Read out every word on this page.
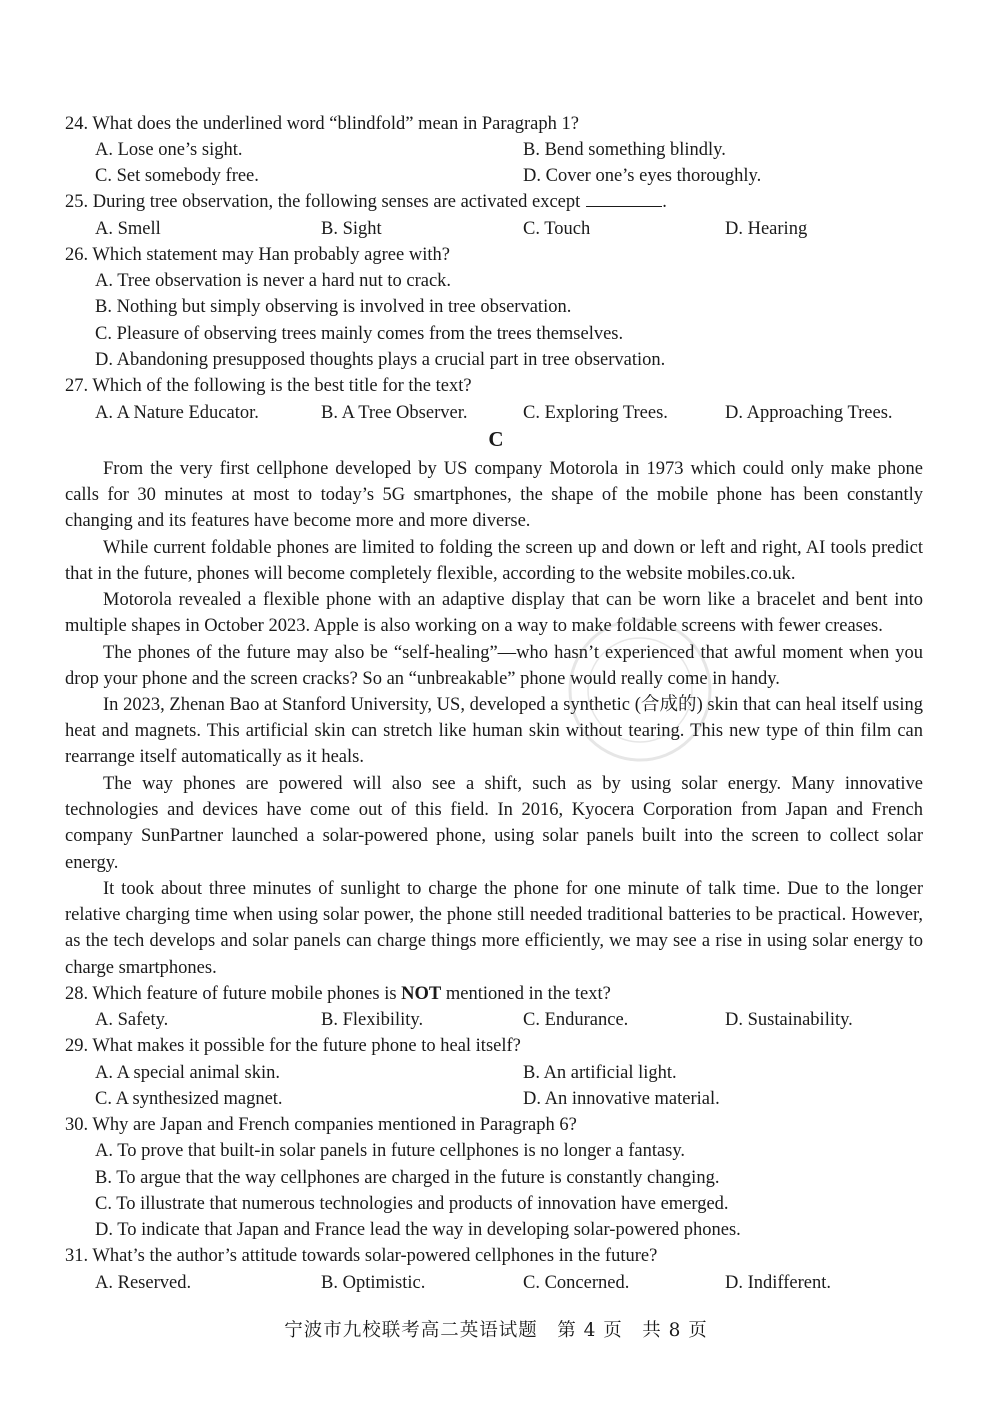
24. What does the underlined word “blindfold” mean in Paragraph 1?
A. Lose one’s sight.	B. Bend something blindly.
C. Set somebody free.	D. Cover one’s eyes thoroughly.
25. During tree observation, the following senses are activated except	.
A. Smell	B. Sight	C. Touch	D. Hearing
26. Which statement may Han probably agree with?
A. Tree observation is never a hard nut to crack.
B. Nothing but simply observing is involved in tree observation.
C. Pleasure of observing trees mainly comes from the trees themselves.
D. Abandoning presupposed thoughts plays a crucial part in tree observation.
27. Which of the following is the best title for the text?
A. A Nature Educator.	B. A Tree Observer.	C. Exploring Trees.	D. Approaching Trees.
C

From the very first cellphone developed by US company Motorola in 1973 which could only make phone calls for 30 minutes at most to today’s 5G smartphones, the shape of the mobile phone has been constantly changing and its features have become more and more diverse.

While current foldable phones are limited to folding the screen up and down or left and right, AI tools predict that in the future, phones will become completely flexible, according to the website mobiles.co.uk.

Motorola revealed a flexible phone with an adaptive display that can be worn like a bracelet and bent into multiple shapes in October 2023. Apple is also working on a way to make foldable screens with fewer creases.

The phones of the future may also be “self-healing”—who hasn’t experienced that awful moment when you drop your phone and the screen cracks? So an “unbreakable” phone would really come in handy.

In 2023, Zhenan Bao at Stanford University, US, developed a synthetic (合成的) skin that can heal itself using heat and magnets. This artificial skin can stretch like human skin without tearing. This new type of thin film can rearrange itself automatically as it heals.

The way phones are powered will also see a shift, such as by using solar energy. Many innovative technologies and devices have come out of this field. In 2016, Kyocera Corporation from Japan and French company SunPartner launched a solar-powered phone, using solar panels built into the screen to collect solar energy.

It took about three minutes of sunlight to charge the phone for one minute of talk time. Due to the longer relative charging time when using solar power, the phone still needed traditional batteries to be practical. However, as the tech develops and solar panels can charge things more efficiently, we may see a rise in using solar energy to charge smartphones.

28. Which feature of future mobile phones is NOT mentioned in the text?
A. Safety.	B. Flexibility.	C. Endurance.	D. Sustainability.
29. What makes it possible for the future phone to heal itself?
A. A special animal skin.	B. An artificial light.
C. A synthesized magnet.	D. An innovative material.
30. Why are Japan and French companies mentioned in Paragraph 6?
A. To prove that built-in solar panels in future cellphones is no longer a fantasy.
B. To argue that the way cellphones are charged in the future is constantly changing.
C. To illustrate that numerous technologies and products of innovation have emerged.
D. To indicate that Japan and France lead the way in developing solar-powered phones.
31. What’s the author’s attitude towards solar-powered cellphones in the future?
A. Reserved.	B. Optimistic.	C. Concerned.	D. Indifferent.
宁波市九校联考高二英语试题　第 4 页　共 8 页
